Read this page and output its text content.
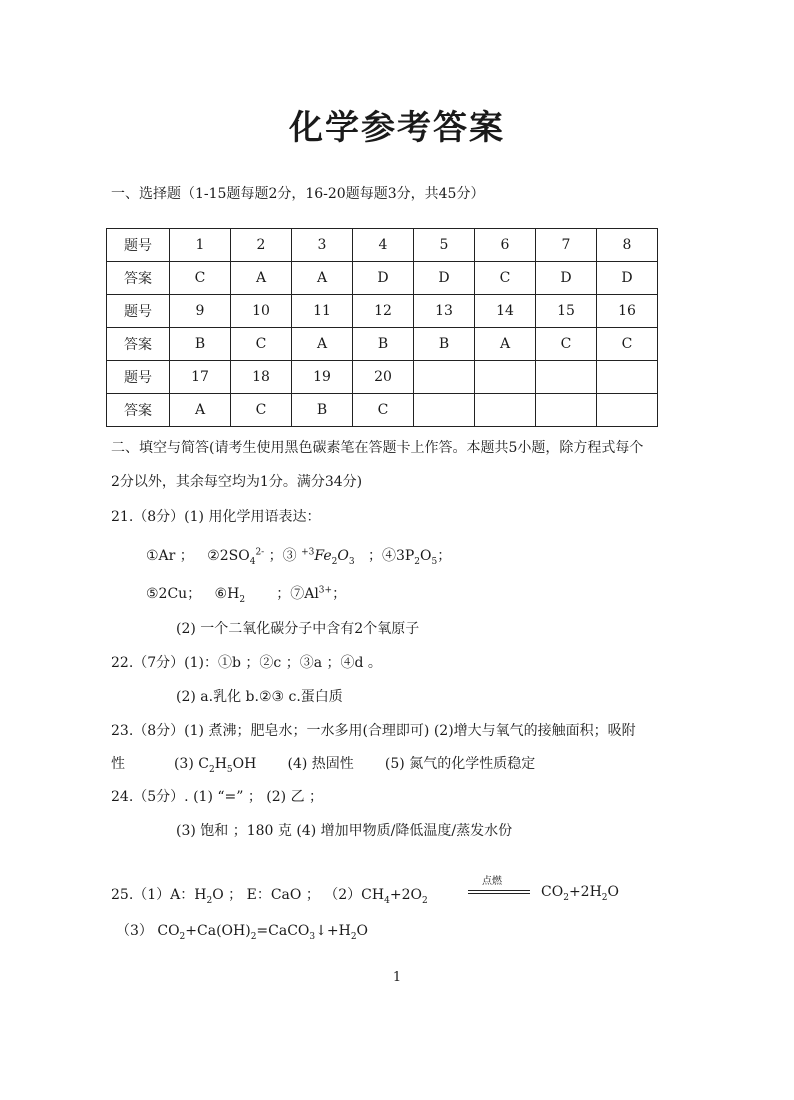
化学参考答案
一、选择题（1-15题每题2分，16-20题每题3分，共45分）
题号	1	2	3	4	5	6	7	8
答案	C	A	A	D	D	C	D	D
题号	9	10	11	12	13	14	15	16
答案	B	C	A	B	B	A	C	C
题号	17	18	19	20				
答案	A	C	B	C				
二、填空与简答(请考生使用黑色碳素笔在答题卡上作答。本题共5小题，除方程式每个
2分以外，其余每空均为1分。满分34分)
21.（8分）(1) 用化学用语表达：
①Ar ； $②2SO_4^{2-}$ ；③ $^{+3}Fe_2O_3$ ；$④3P_2O_5$；
⑤2Cu； $⑥H_2$ ；$⑦Al^{3+}$；
(2) 一个二氧化碳分子中含有2个氧原子
22.（7分）(1)：①b ；②c ；③a ；④d 。
(2) a.乳化 b.②③ c.蛋白质
23.（8分）(1) 煮沸；肥皂水；一水多用(合理即可) (2)增大与氧气的接触面积；吸附
性	(3) $C_2H_5OH$ (4) 热固性 (5) 氮气的化学性质稳定
24.（5分）. (1) “=” ； (2) 乙 ；
(3) 饱和 ；180 克 (4) 增加甲物质/降低温度/蒸发水份
25.（1）A：$H_2O$ ； E：CaO ； $(2)CH_4+2O_2$
点燃
$CO_2+2H_2O$
（3） $CO_2+Ca(OH)_2=CaCO_3↓+H_2O$
1
